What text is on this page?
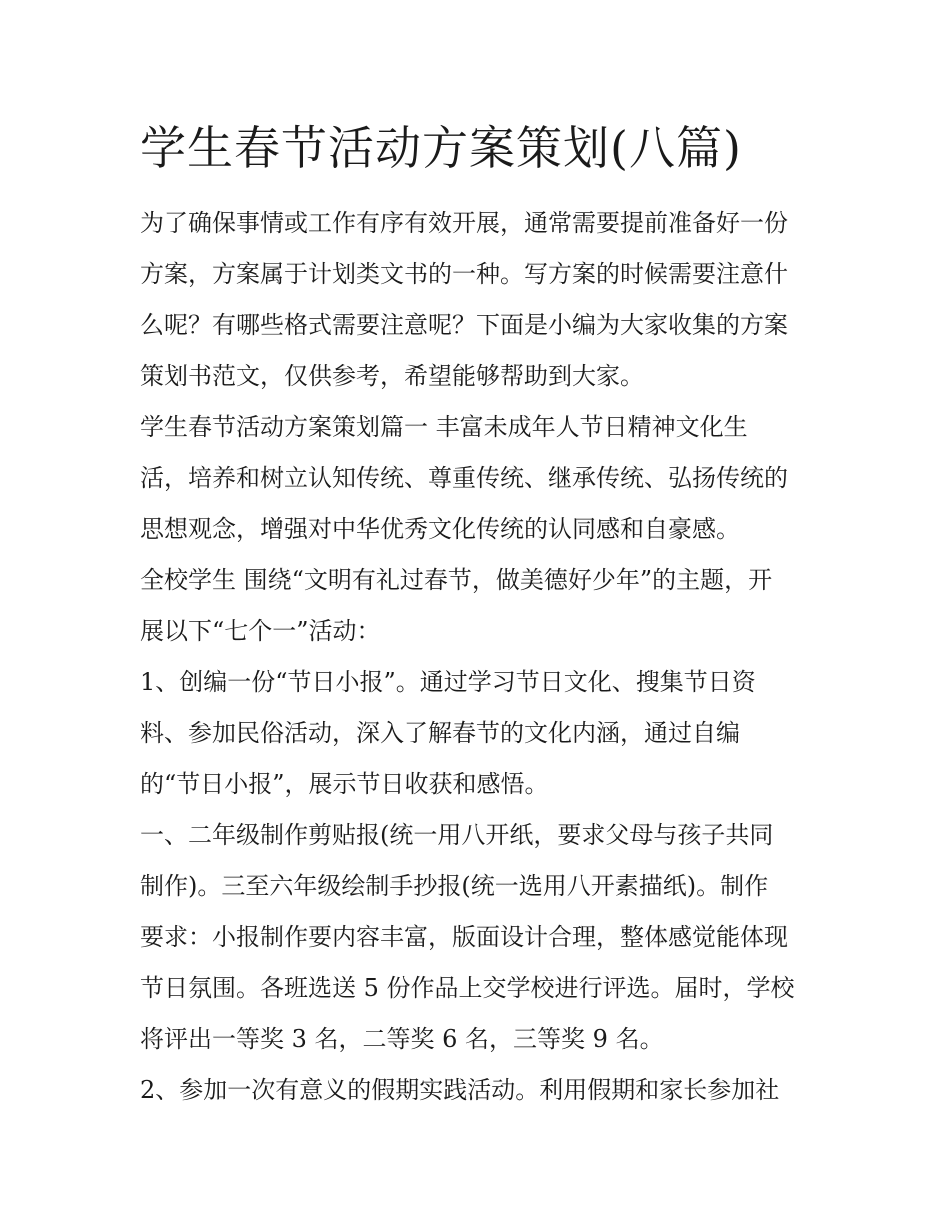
学生春节活动方案策划(八篇)
为了确保事情或工作有序有效开展，通常需要提前准备好一份
方案，方案属于计划类文书的一种。写方案的时候需要注意什
么呢？有哪些格式需要注意呢？下面是小编为大家收集的方案
策划书范文，仅供参考，希望能够帮助到大家。
学生春节活动方案策划篇一 丰富未成年人节日精神文化生
活，培养和树立认知传统、尊重传统、继承传统、弘扬传统的
思想观念，增强对中华优秀文化传统的认同感和自豪感。
全校学生 围绕“文明有礼过春节，做美德好少年”的主题，开
展以下“七个一”活动：
1、创编一份“节日小报”。通过学习节日文化、搜集节日资
料、参加民俗活动，深入了解春节的文化内涵，通过自编
的“节日小报”，展示节日收获和感悟。
一、二年级制作剪贴报(统一用八开纸，要求父母与孩子共同
制作)。三至六年级绘制手抄报(统一选用八开素描纸)。制作
要求：小报制作要内容丰富，版面设计合理，整体感觉能体现
节日氛围。各班选送 5 份作品上交学校进行评选。届时，学校
将评出一等奖 3 名，二等奖 6 名，三等奖 9 名。
2、参加一次有意义的假期实践活动。利用假期和家长参加社
